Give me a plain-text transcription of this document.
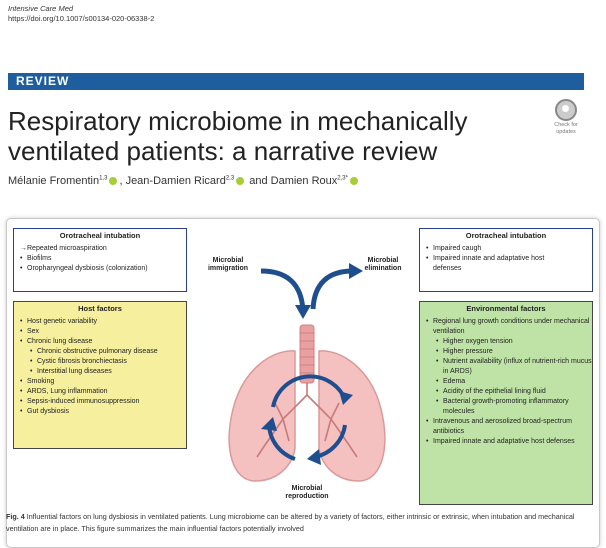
Intensive Care Med
https://doi.org/10.1007/s00134-020-06338-2
REVIEW
Check for
updates
Respiratory microbiome in mechanically ventilated patients: a narrative review
Mélanie Fromentin$^{1,3}$ , Jean-Damien Ricard$^{2,3}$ and Damien Roux$^{2,3*}$
Orotracheal intubation
→ Repeated microaspiration
• Biofilms
• Oropharyngeal dysbiosis (colonization)
Orotracheal intubation
• Impaired caugh
• Impaired innate and adaptative host defenses
Host factors
• Host genetic variability
• Sex
• Chronic lung disease
• Chronic obstructive pulmonary disease
• Cystic fibrosis bronchiectasis
• Interstitial lung diseases
• Smoking
• ARDS, Lung inflammation
• Sepsis-induced immunosuppression
• Gut dysbiosis
Environmental factors
• Regional lung growth conditions under mechanical ventilation
• Higher oxygen tension
• Higher pressure
• Nutrient availability (influx of nutrient-rich mucus in ARDS)
• Edema
• Acidity of the epithelial lining fluid
• Bacterial growth-promoting inflammatory molecules
• Intravenous and aerosolized broad-spectrum antibiotics
• Impaired innate and adaptative host defenses
Microbial immigration
Microbial elimination
Microbial reproduction
Fig. 4 Influential factors on lung dysbiosis in ventilated patients. Lung microbiome can be altered by a variety of factors, either intrinsic or extrinsic, when intubation and mechanical ventilation are in place. This figure summarizes the main influential factors potentially involved
